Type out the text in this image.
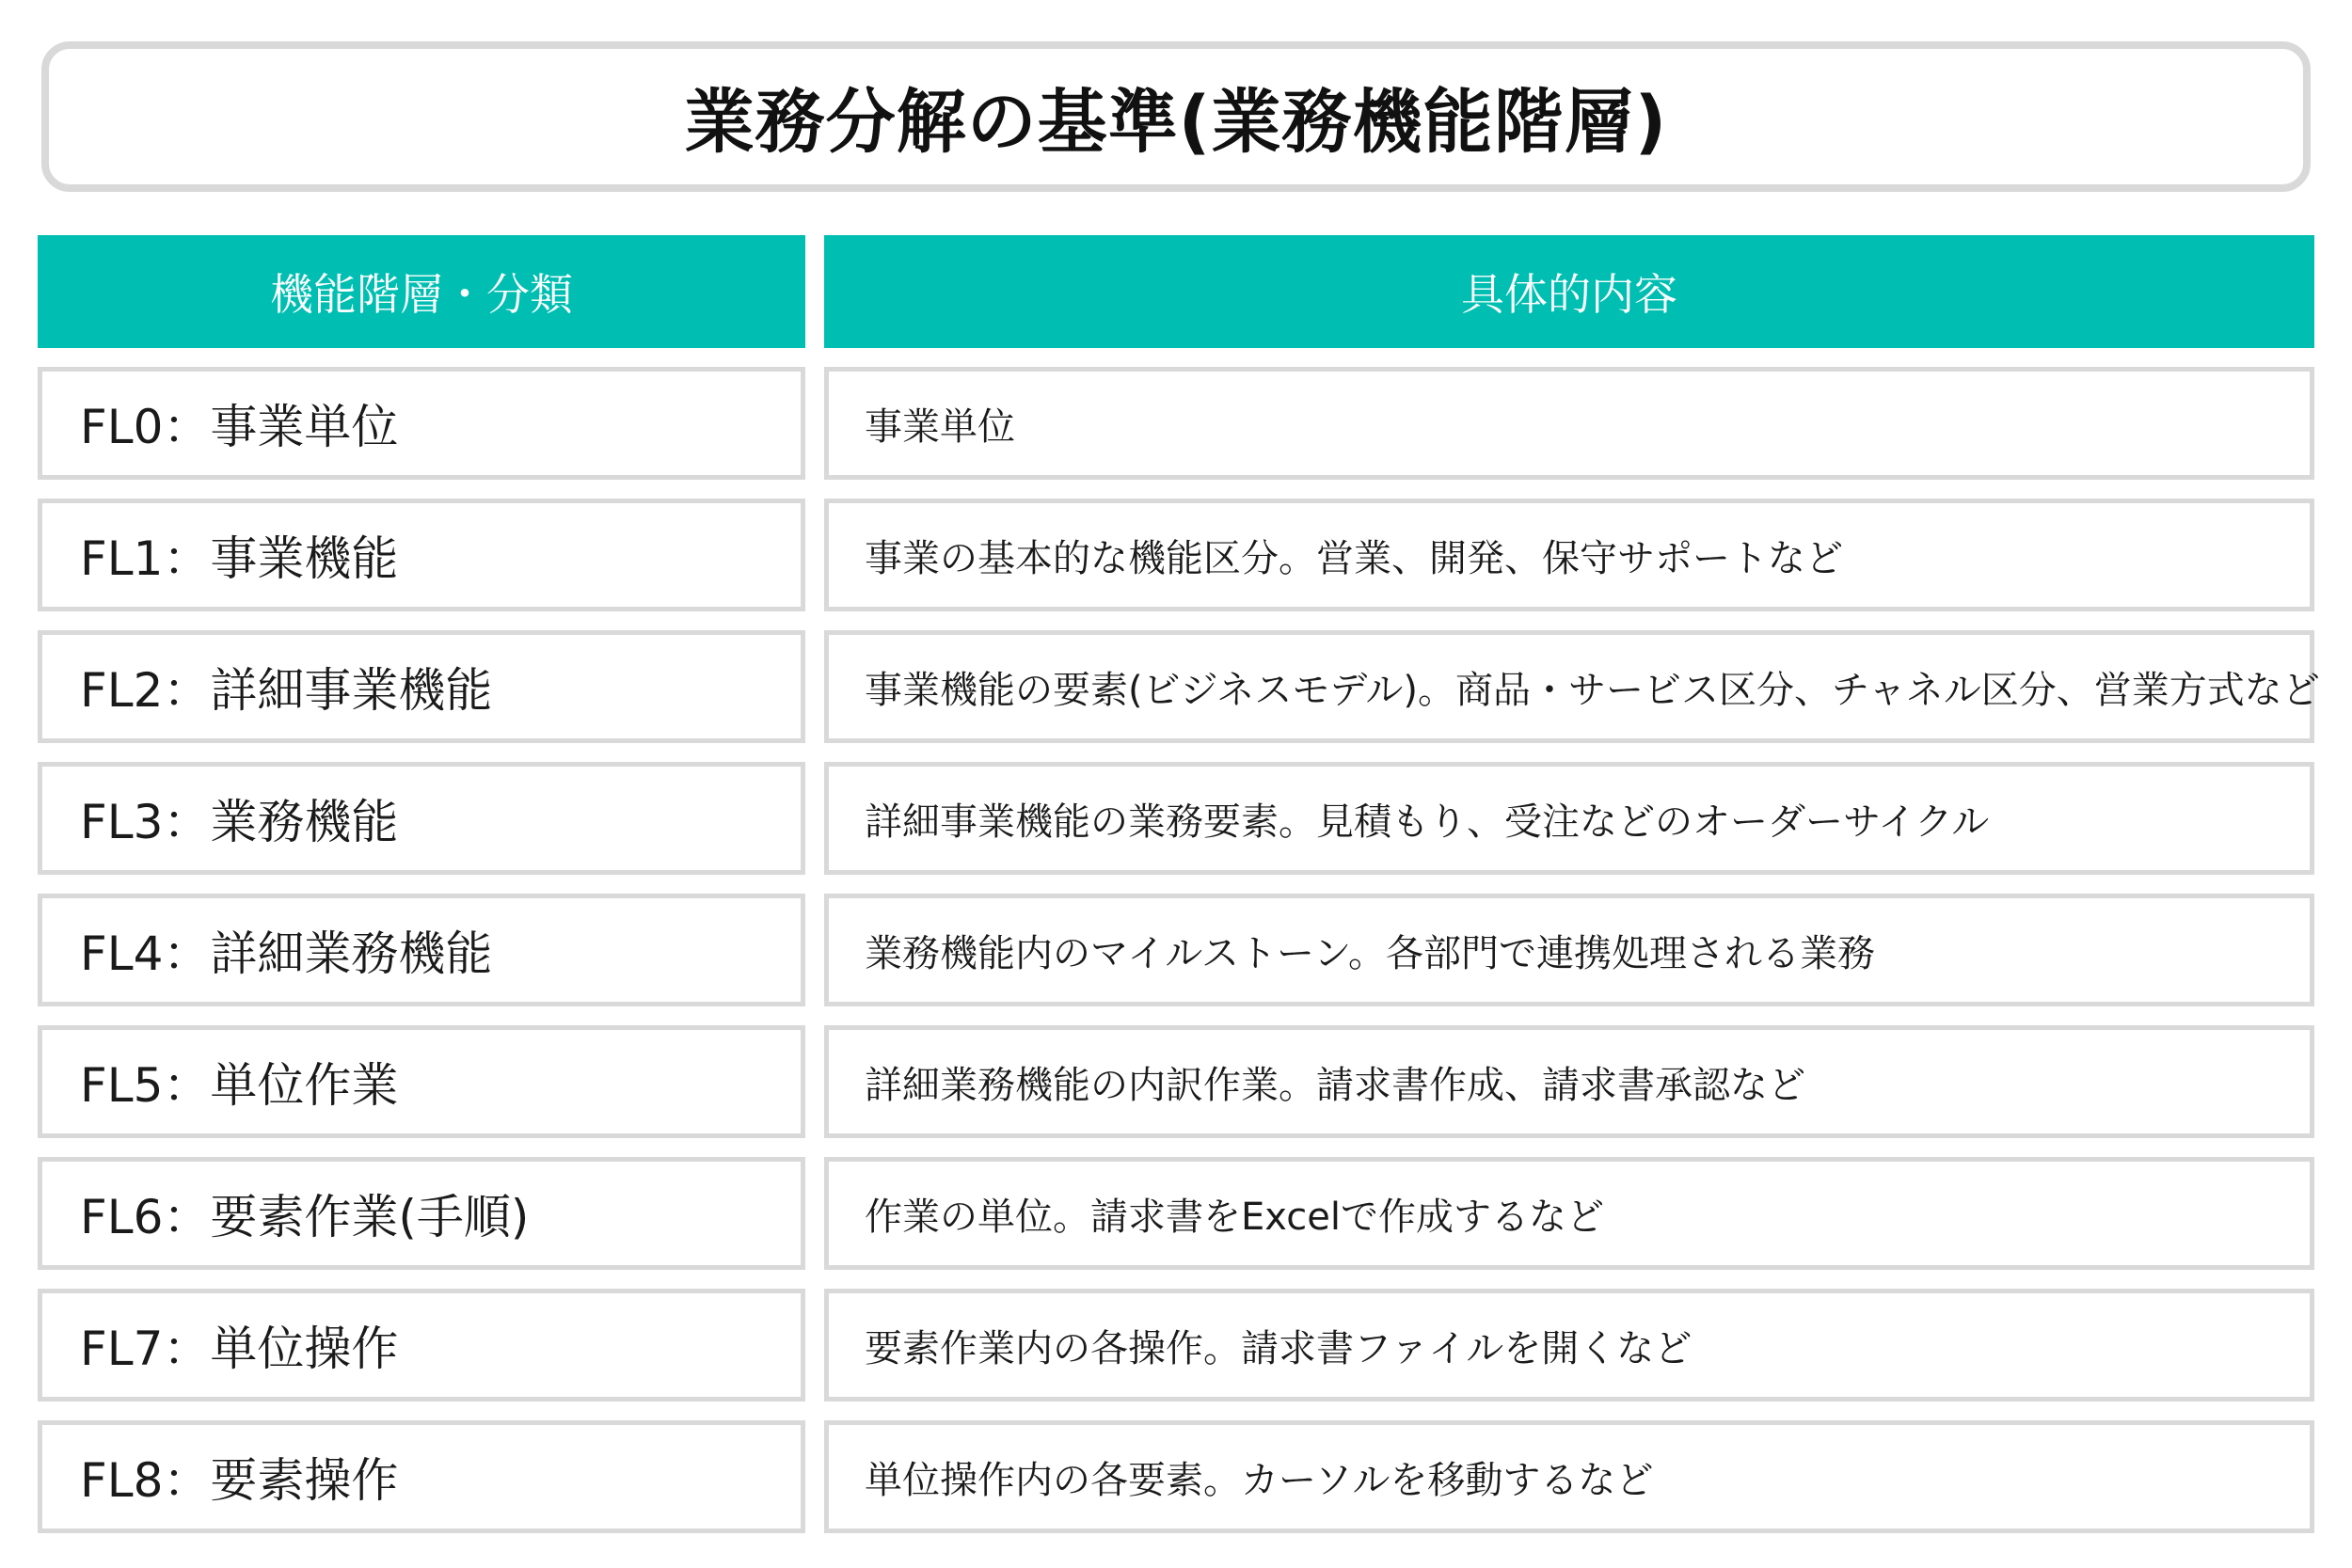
業務分解の基準(業務機能階層)
機能階層・分類	具体的内容
FL0：事業単位	事業単位
FL1：事業機能	事業の基本的な機能区分。営業、開発、保守サポートなど
FL2：詳細事業機能	事業機能の要素(ビジネスモデル)。商品・サービス区分、チャネル区分、営業方式など
FL3：業務機能	詳細事業機能の業務要素。見積もり、受注などのオーダーサイクル
FL4：詳細業務機能	業務機能内のマイルストーン。各部門で連携処理される業務
FL5：単位作業	詳細業務機能の内訳作業。請求書作成、請求書承認など
FL6：要素作業(手順)	作業の単位。請求書をExcelで作成するなど
FL7：単位操作	要素作業内の各操作。請求書ファイルを開くなど
FL8：要素操作	単位操作内の各要素。カーソルを移動するなど
